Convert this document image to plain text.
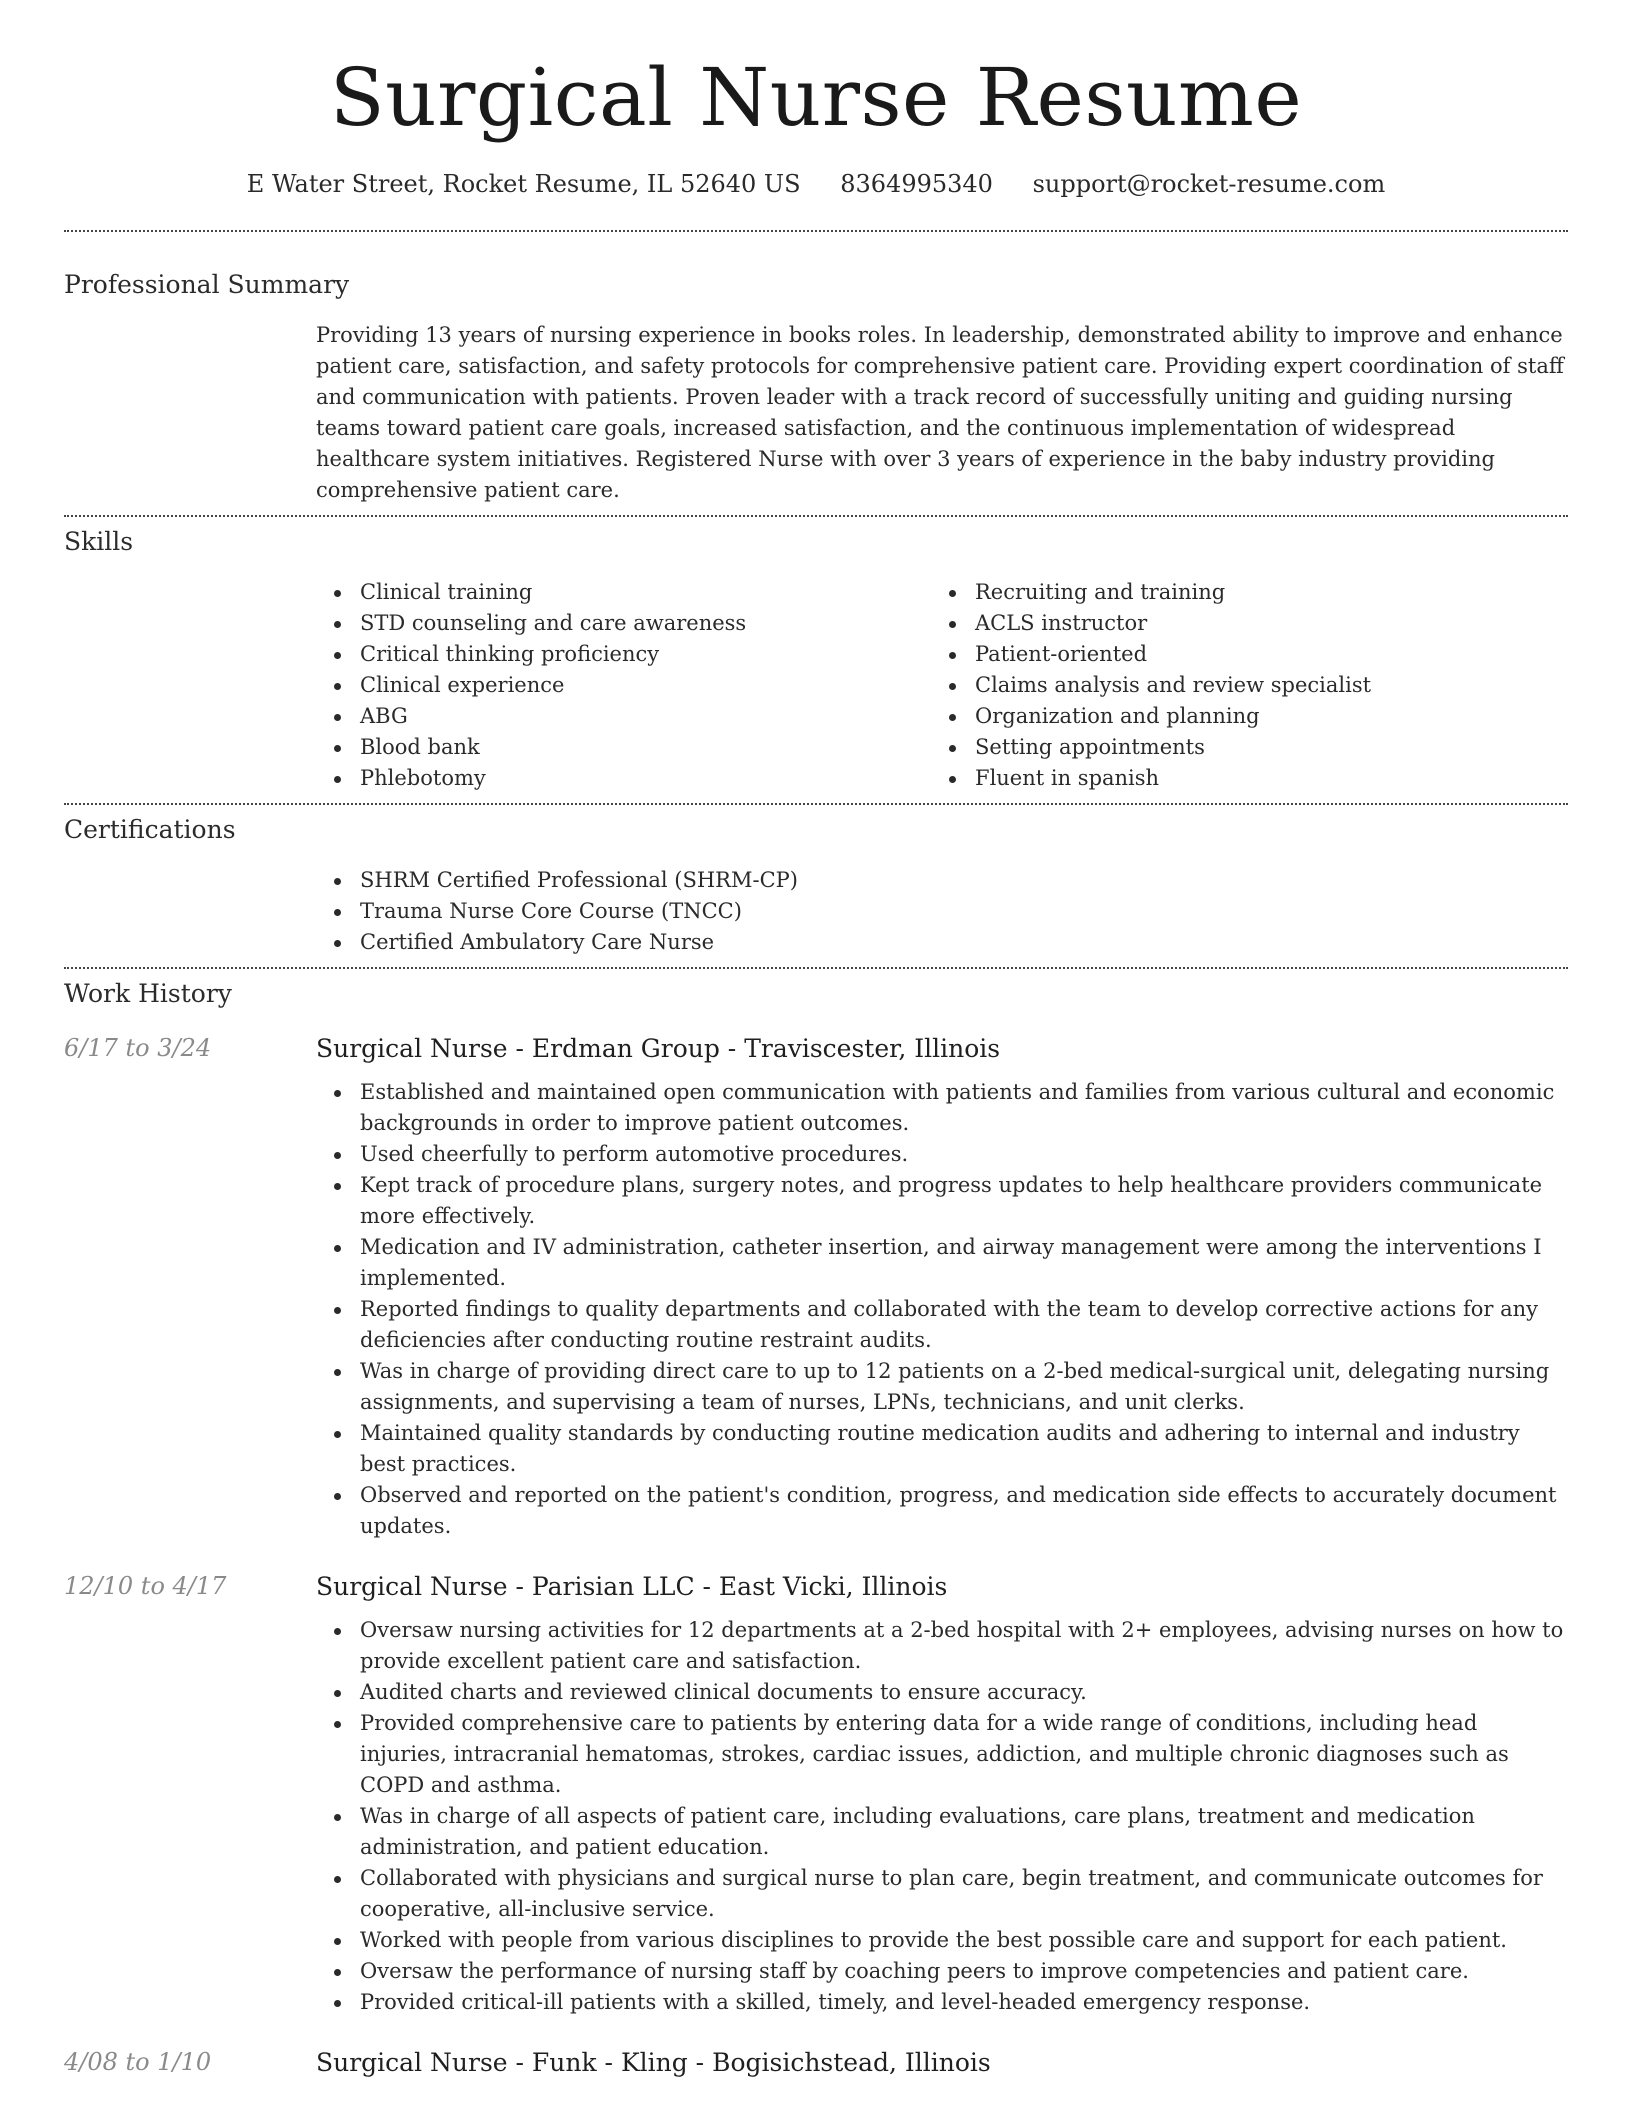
Surgical Nurse Resume
E Water Street, Rocket Resume, IL 52640 US 8364995340 support@rocket-resume.com
Professional Summary

Providing 13 years of nursing experience in books roles. In leadership, demonstrated ability to improve and enhance patient care, satisfaction, and safety protocols for comprehensive patient care. Providing expert coordination of staff and communication with patients. Proven leader with a track record of successfully uniting and guiding nursing teams toward patient care goals, increased satisfaction, and the continuous implementation of widespread healthcare system initiatives. Registered Nurse with over 3 years of experience in the baby industry providing comprehensive patient care.

Skills
Clinical training
STD counseling and care awareness
Critical thinking proficiency
Clinical experience
ABG
Blood bank
Phlebotomy
Recruiting and training
ACLS instructor
Patient-oriented
Claims analysis and review specialist
Organization and planning
Setting appointments
Fluent in spanish
Certifications
SHRM Certified Professional (SHRM-CP)
Trauma Nurse Core Course (TNCC)
Certified Ambulatory Care Nurse
Work History
6/17 to 3/24	Surgical Nurse - Erdman Group - Traviscester, Illinois
Established and maintained open communication with patients and families from various cultural and economic backgrounds in order to improve patient outcomes.
Used cheerfully to perform automotive procedures.
Kept track of procedure plans, surgery notes, and progress updates to help healthcare providers communicate more effectively.
Medication and IV administration, catheter insertion, and airway management were among the interventions I implemented.
Reported findings to quality departments and collaborated with the team to develop corrective actions for any deficiencies after conducting routine restraint audits.
Was in charge of providing direct care to up to 12 patients on a 2-bed medical-surgical unit, delegating nursing assignments, and supervising a team of nurses, LPNs, technicians, and unit clerks.
Maintained quality standards by conducting routine medication audits and adhering to internal and industry best practices.
Observed and reported on the patient's condition, progress, and medication side effects to accurately document updates.
12/10 to 4/17	Surgical Nurse - Parisian LLC - East Vicki, Illinois
Oversaw nursing activities for 12 departments at a 2-bed hospital with 2+ employees, advising nurses on how to provide excellent patient care and satisfaction.
Audited charts and reviewed clinical documents to ensure accuracy.
Provided comprehensive care to patients by entering data for a wide range of conditions, including head injuries, intracranial hematomas, strokes, cardiac issues, addiction, and multiple chronic diagnoses such as COPD and asthma.
Was in charge of all aspects of patient care, including evaluations, care plans, treatment and medication administration, and patient education.
Collaborated with physicians and surgical nurse to plan care, begin treatment, and communicate outcomes for cooperative, all-inclusive service.
Worked with people from various disciplines to provide the best possible care and support for each patient.
Oversaw the performance of nursing staff by coaching peers to improve competencies and patient care.
Provided critical-ill patients with a skilled, timely, and level-headed emergency response.
4/08 to 1/10	Surgical Nurse - Funk - Kling - Bogisichstead, Illinois
